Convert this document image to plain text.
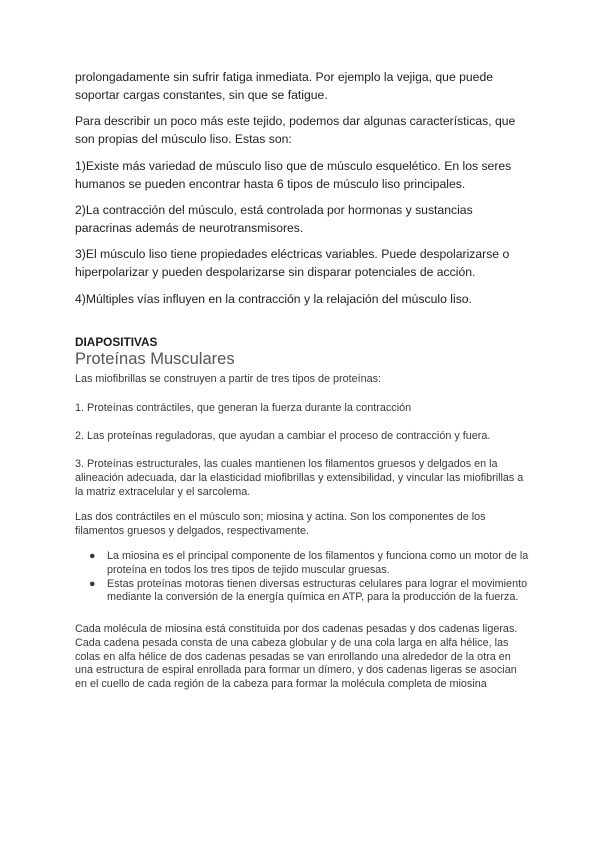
prolongadamente sin sufrir fatiga inmediata. Por ejemplo la vejiga, que puede soportar cargas constantes, sin que se fatigue.

Para describir un poco más este tejido, podemos dar algunas características, que son propias del músculo liso. Estas son:

1)Existe más variedad de músculo liso que de músculo esquelético. En los seres humanos se pueden encontrar hasta 6 tipos de músculo liso principales.

2)La contracción del músculo, está controlada por hormonas y sustancias paracrinas además de neurotransmisores.

3)El músculo liso tiene propiedades eléctricas variables. Puede despolarizarse o hiperpolarizar y pueden despolarizarse sin disparar potenciales de acción.

4)Múltiples vías influyen en la contracción y la relajación del músculo liso.

DIAPOSITIVAS
Proteínas Musculares

Las miofibrillas se construyen a partir de tres tipos de proteínas:

1. Proteínas contráctiles, que generan la fuerza durante la contracción

2. Las proteínas reguladoras, que ayudan a cambiar el proceso de contracción y fuera.

3. Proteínas estructurales, las cuales mantienen los filamentos gruesos y delgados en la alineación adecuada, dar la elasticidad miofibrillas y extensibilidad, y vincular las miofibrillas a la matriz extracelular y el sarcolema.

Las dos contráctiles en el músculo son; miosina y actina. Son los componentes de los filamentos gruesos y delgados, respectivamente.

● La miosina es el principal componente de los filamentos y funciona como un motor de la proteína en todos los tres tipos de tejido muscular gruesas.
● Estas proteínas motoras tienen diversas estructuras celulares para lograr el movimiento mediante la conversión de la energía química en ATP, para la producción de la fuerza.

Cada molécula de miosina está constituida por dos cadenas pesadas y dos cadenas ligeras. Cada cadena pesada consta de una cabeza globular y de una cola larga en alfa hélice, las colas en alfa hélice de dos cadenas pesadas se van enrollando una alrededor de la otra en una estructura de espiral enrollada para formar un dímero, y dos cadenas ligeras se asocian en el cuello de cada región de la cabeza para formar la molécula completa de miosina
